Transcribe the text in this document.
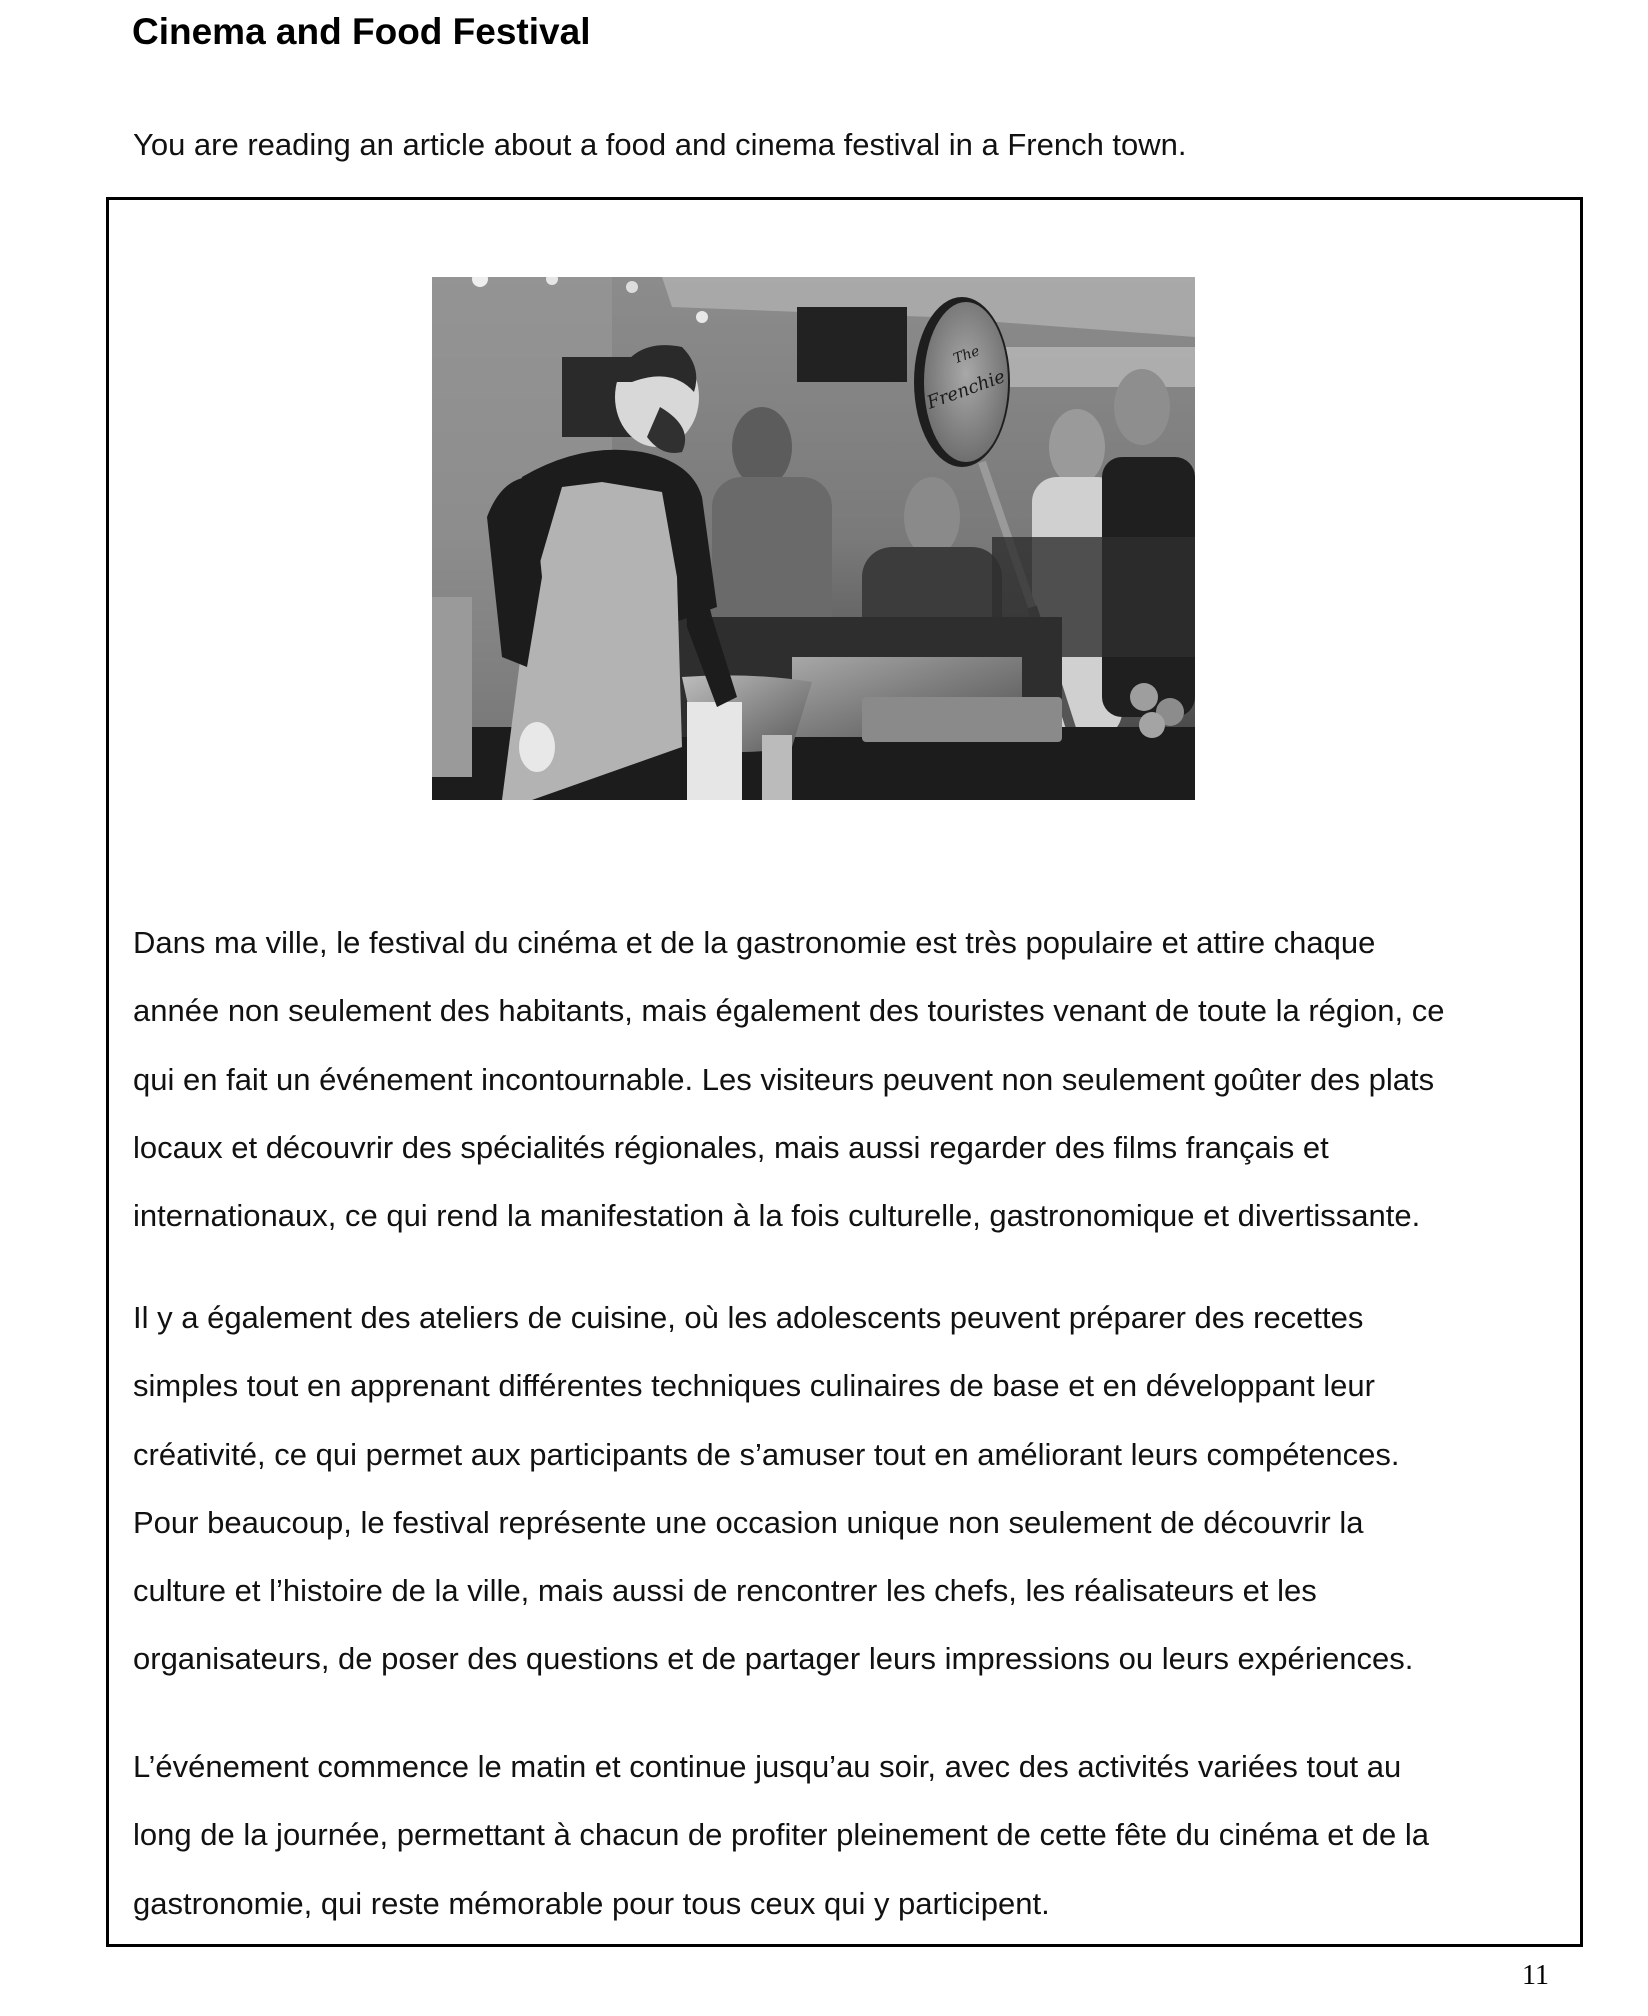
Cinema and Food Festival

You are reading an article about a food and cinema festival in a French town.

The
Frenchie
Dans ma ville, le festival du cinéma et de la gastronomie est très populaire et attire chaque
année non seulement des habitants, mais également des touristes venant de toute la région, ce
qui en fait un événement incontournable. Les visiteurs peuvent non seulement goûter des plats
locaux et découvrir des spécialités régionales, mais aussi regarder des films français et
internationaux, ce qui rend la manifestation à la fois culturelle, gastronomique et divertissante.
Il y a également des ateliers de cuisine, où les adolescents peuvent préparer des recettes
simples tout en apprenant différentes techniques culinaires de base et en développant leur
créativité, ce qui permet aux participants de s’amuser tout en améliorant leurs compétences.
Pour beaucoup, le festival représente une occasion unique non seulement de découvrir la
culture et l’histoire de la ville, mais aussi de rencontrer les chefs, les réalisateurs et les
organisateurs, de poser des questions et de partager leurs impressions ou leurs expériences.
L’événement commence le matin et continue jusqu’au soir, avec des activités variées tout au
long de la journée, permettant à chacun de profiter pleinement de cette fête du cinéma et de la
gastronomie, qui reste mémorable pour tous ceux qui y participent.
11
